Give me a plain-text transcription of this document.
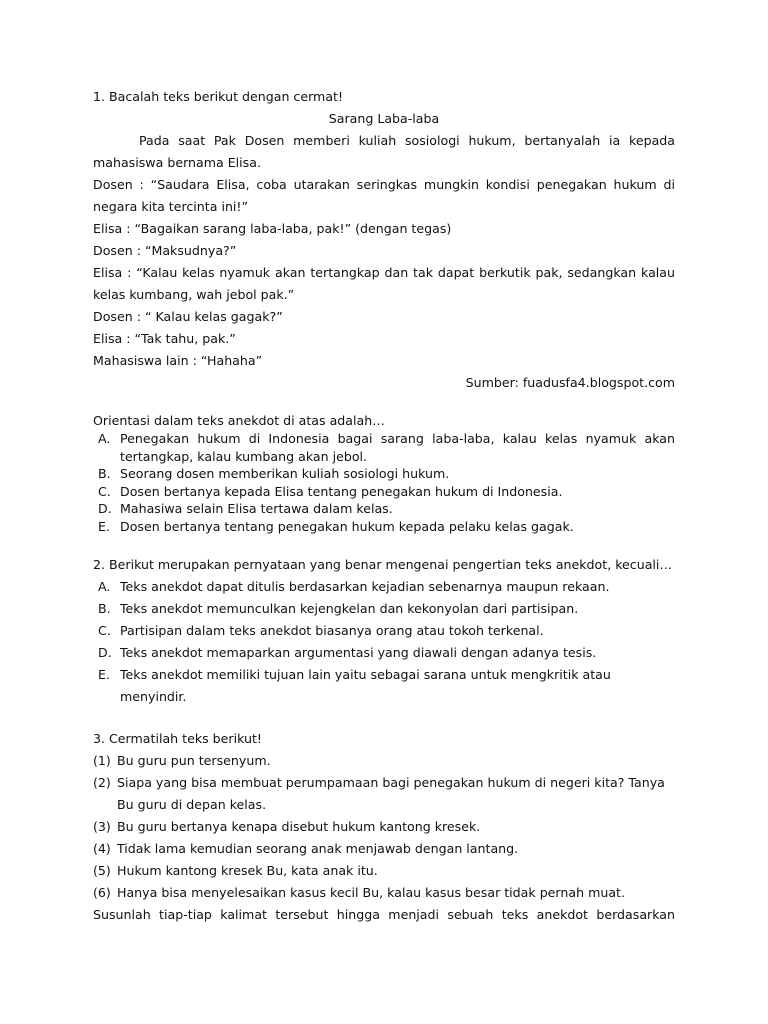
1. Bacalah teks berikut dengan cermat!
Sarang Laba-laba
Pada saat Pak Dosen memberi kuliah sosiologi hukum, bertanyalah ia kepada
mahasiswa bernama Elisa.
Dosen : “Saudara Elisa, coba utarakan seringkas mungkin kondisi penegakan hukum di
negara kita tercinta ini!”
Elisa : “Bagaikan sarang laba-laba, pak!” (dengan tegas)
Dosen : “Maksudnya?”
Elisa : “Kalau kelas nyamuk akan tertangkap dan tak dapat berkutik pak, sedangkan kalau
kelas kumbang, wah jebol pak.”
Dosen : “ Kalau kelas gagak?”
Elisa : “Tak tahu, pak.”
Mahasiswa lain : “Hahaha”
Sumber: fuadusfa4.blogspot.com
Orientasi dalam teks anekdot di atas adalah…
A. Penegakan hukum di Indonesia bagai sarang laba-laba, kalau kelas nyamuk akan tertangkap, kalau kumbang akan jebol.
B. Seorang dosen memberikan kuliah sosiologi hukum.
C. Dosen bertanya kepada Elisa tentang penegakan hukum di Indonesia.
D. Mahasiwa selain Elisa tertawa dalam kelas.
E. Dosen bertanya tentang penegakan hukum kepada pelaku kelas gagak.
2. Berikut merupakan pernyataan yang benar mengenai pengertian teks anekdot, kecuali…
A. Teks anekdot dapat ditulis berdasarkan kejadian sebenarnya maupun rekaan.
B. Teks anekdot memunculkan kejengkelan dan kekonyolan dari partisipan.
C. Partisipan dalam teks anekdot biasanya orang atau tokoh terkenal.
D. Teks anekdot memaparkan argumentasi yang diawali dengan adanya tesis.
E. Teks anekdot memiliki tujuan lain yaitu sebagai sarana untuk mengkritik atau
menyindir.
3. Cermatilah teks berikut!
(1) Bu guru pun tersenyum.
(2) Siapa yang bisa membuat perumpamaan bagi penegakan hukum di negeri kita? Tanya
Bu guru di depan kelas.
(3) Bu guru bertanya kenapa disebut hukum kantong kresek.
(4) Tidak lama kemudian seorang anak menjawab dengan lantang.
(5) Hukum kantong kresek Bu, kata anak itu.
(6) Hanya bisa menyelesaikan kasus kecil Bu, kalau kasus besar tidak pernah muat.
Susunlah tiap-tiap kalimat tersebut hingga menjadi sebuah teks anekdot berdasarkan
